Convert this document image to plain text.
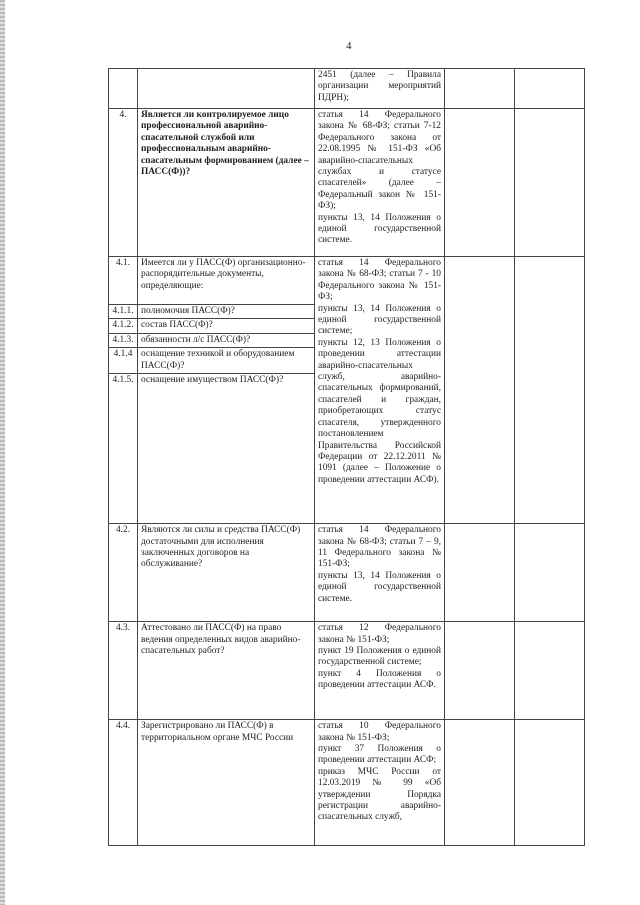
4
		2451 (далее – Правила организации мероприятий ПДРН);		
4.	Является ли контролируемое лицо профессиональной аварийно-спасательной службой или профессиональным аварийно-спасательным формированием (далее – ПАСС(Ф))?	статья 14 Федерального закона № 68-ФЗ; статьи 7-12 Федерального закона от 22.08.1995 № 151-ФЗ «Об аварийно-спасательных службах и статусе спасателей» (далее – Федеральный закон № 151-ФЗ);
пункты 13, 14 Положения о единой государственной системе.		

4.1.	Имеется ли у ПАСС(Ф) организационно-распорядительные документы, определяющие:	статья 14 Федерального закона № 68-ФЗ; статьи 7 - 10 Федерального закона № 151-ФЗ;
пункты 13, 14 Положения о единой государственной системе;
пункты 12, 13 Положения о проведении аттестации аварийно-спасательных служб, аварийно-спасательных формирований, спасателей и граждан, приобретающих статус спасателя, утвержденного постановлением Правительства Российской Федерации от 22.12.2011 № 1091 (далее – Положение о проведении аттестации АСФ).		

4.1.1.	полномочия ПАСС(Ф)?			
4.1.2.	состав ПАСС(Ф)?			
4.1.3.	обязанности л/с ПАСС(Ф)?			
4.1.4	оснащение техникой и оборудованием ПАСС(Ф)?			
4.1.5.	оснащение имуществом ПАСС(Ф)?			
4.2.	Являются ли силы и средства ПАСС(Ф) достаточными для исполнения заключенных договоров на обслуживание?	статья 14 Федерального закона № 68-ФЗ; статьи 7 – 9, 11 Федерального закона № 151-ФЗ;
пункты 13, 14 Положения о единой государственной системе.		

4.3.	Аттестовано ли ПАСС(Ф) на право ведения определенных видов аварийно-спасательных работ?	статья 12 Федерального закона № 151-ФЗ;
пункт 19 Положения о единой государственной системе;
пункт 4 Положения о проведении аттестации АСФ.		

4.4.	Зарегистрировано ли ПАСС(Ф) в территориальном органе МЧС России	статья 10 Федерального закона № 151-ФЗ;
пункт 37 Положения о проведении аттестации АСФ;
приказ МЧС России от 12.03.2019 № 99 «Об утверждении Порядка регистрации аварийно-спасательных служб,		
